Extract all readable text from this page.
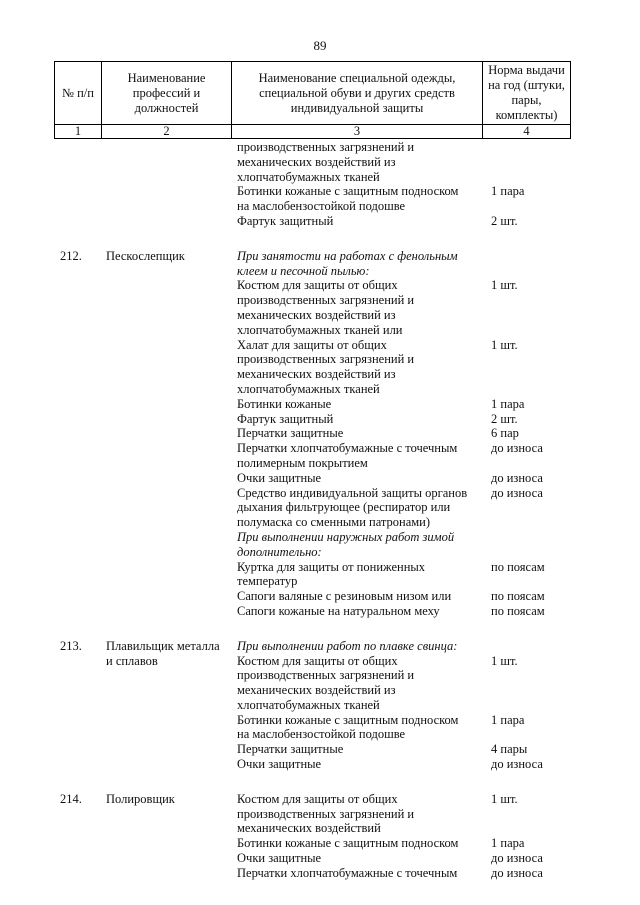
89
№ п/п	Наименование профессий и должностей	Наименование специальной одежды, специальной обуви и других средств индивидуальной защиты	Норма выдачи на год (штуки, пары, комплекты)
1	2	3	4
производственных загрязнений и
механических воздействий из
хлопчатобумажных тканей
Ботинки кожаные с защитным подноском	1 пара
на маслобензостойкой подошве
Фартук защитный	2 шт.
212.	Пескослепщик	При занятости на работах с фенольным
клеем и песочной пылью:
Костюм для защиты от общих	1 шт.
производственных загрязнений и
механических воздействий из
хлопчатобумажных тканей или
Халат для защиты от общих	1 шт.
производственных загрязнений и
механических воздействий из
хлопчатобумажных тканей
Ботинки кожаные	1 пара
Фартук защитный	2 шт.
Перчатки защитные	6 пар
Перчатки хлопчатобумажные с точечным	до износа
полимерным покрытием
Очки защитные	до износа
Средство индивидуальной защиты органов	до износа
дыхания фильтрующее (респиратор или
полумаска со сменными патронами)
При выполнении наружных работ зимой
дополнительно:
Куртка для защиты от пониженных	по поясам
температур
Сапоги валяные с резиновым низом или	по поясам
Сапоги кожаные на натуральном меху	по поясам
213.	Плавильщик металла	При выполнении работ по плавке свинца:
и сплавов	Костюм для защиты от общих	1 шт.
производственных загрязнений и
механических воздействий из
хлопчатобумажных тканей
Ботинки кожаные с защитным подноском	1 пара
на маслобензостойкой подошве
Перчатки защитные	4 пары
Очки защитные	до износа
214.	Полировщик	Костюм для защиты от общих	1 шт.
производственных загрязнений и
механических воздействий
Ботинки кожаные с защитным подноском	1 пара
Очки защитные	до износа
Перчатки хлопчатобумажные с точечным	до износа
